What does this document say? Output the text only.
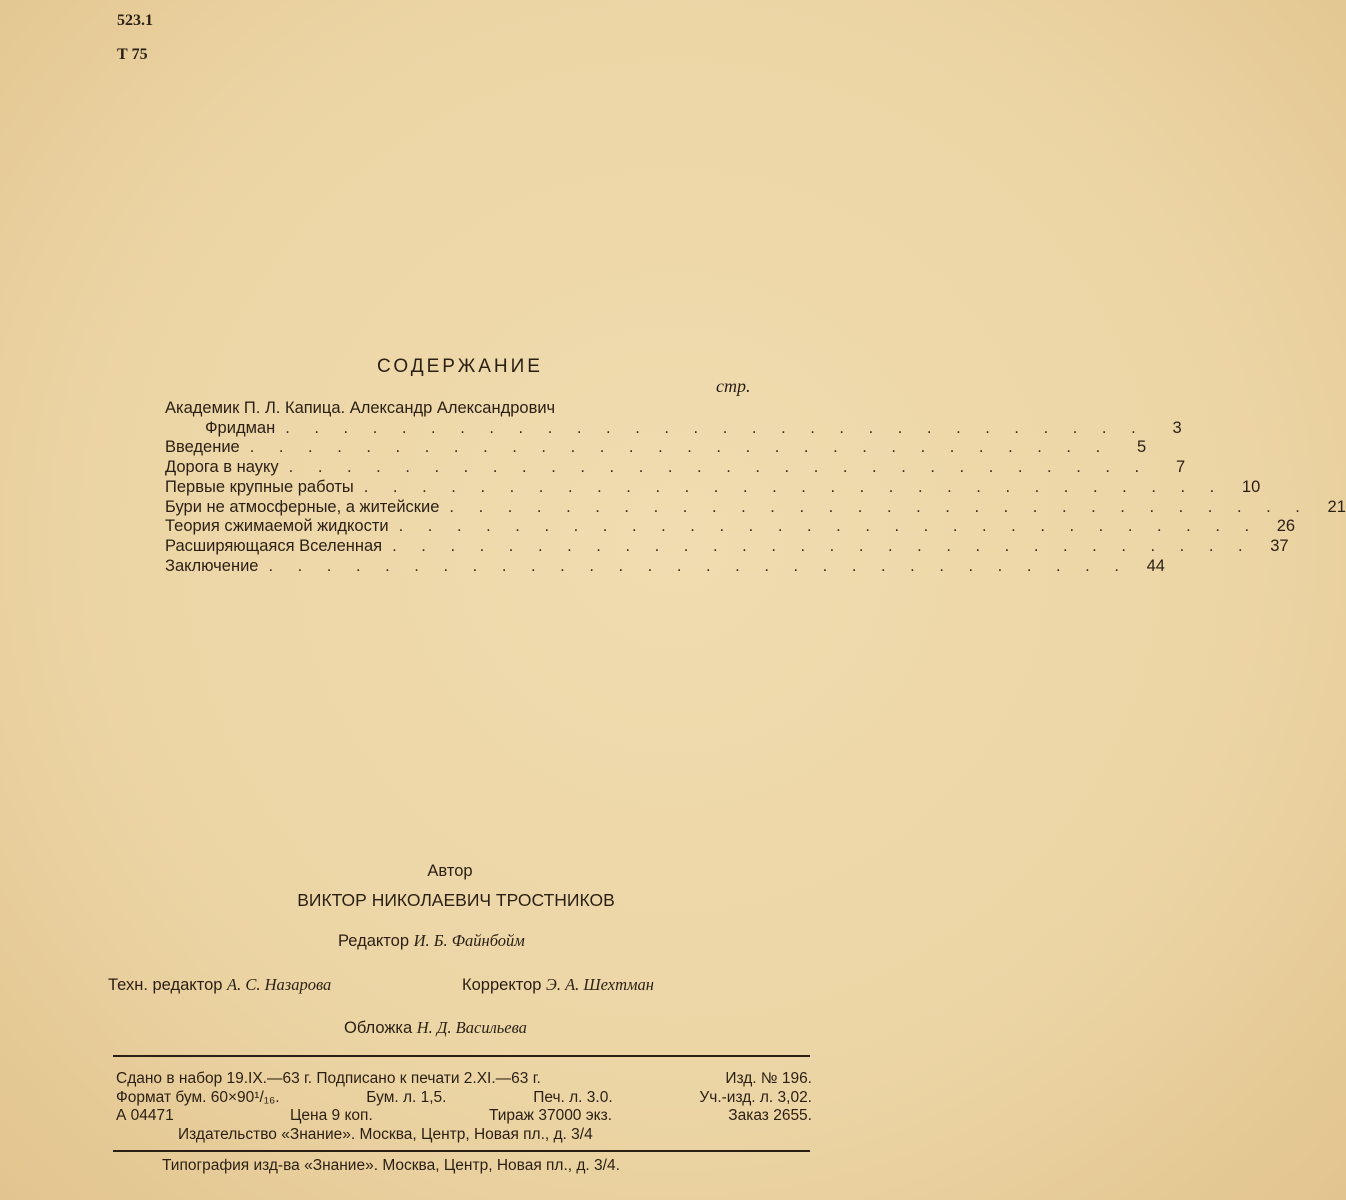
523.1
Т 75
СОДЕРЖАНИЕ
стр.
Академик П. Л. Капица. Александр Александрович
Фридман . . . . . . . . . . . . . . . . . . . . . . . . . . . . . .	3
Введение . . . . . . . . . . . . . . . . . . . . . . . . . . . . . .	5
Дорога в науку . . . . . . . . . . . . . . . . . . . . . . . . . . . . . .	7
Первые крупные работы . . . . . . . . . . . . . . . . . . . . . . . . . . . . . .	10
Бури не атмосферные, а житейские . . . . . . . . . . . . . . . . . . . . . . . . . . . . . .	21
Теория сжимаемой жидкости . . . . . . . . . . . . . . . . . . . . . . . . . . . . . .	26
Расширяющаяся Вселенная . . . . . . . . . . . . . . . . . . . . . . . . . . . . . .	37
Заключение . . . . . . . . . . . . . . . . . . . . . . . . . . . . . .	44
Автор
ВИКТОР НИКОЛАЕВИЧ ТРОСТНИКОВ
Редактор И. Б. Файнбойм
Техн. редактор А. С. Назарова	Корректор Э. А. Шехтман
Обложка Н. Д. Васильева
Сдано в набор 19.IX.—63 г. Подписано к печати 2.XI.—63 г.	Изд. № 196.
Формат бум. 60×90¹/₁₆.	Бум. л. 1,5.	Печ. л. 3.0.	Уч.-изд. л. 3,02.
А 04471	Цена 9 коп.	Тираж 37000 экз.	Заказ 2655.
Издательство «Знание». Москва, Центр, Новая пл., д. 3/4
Типография изд-ва «Знание». Москва, Центр, Новая пл., д. 3/4.
